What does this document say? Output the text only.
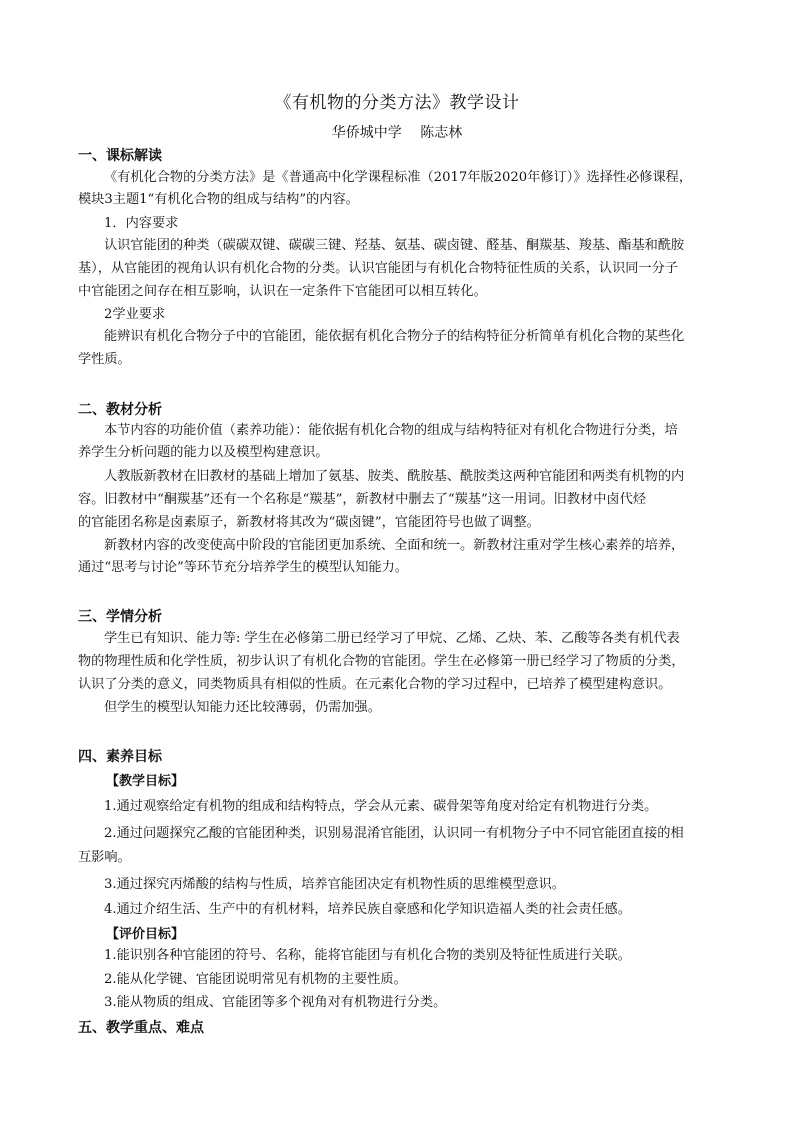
《有机物的分类方法》教学设计
华侨城中学 陈志林
一、课标解读
《有机化合物的分类方法》是《普通高中化学课程标准（2017年版2020年修订）》选择性必修课程，
模块3主题1“有机化合物的组成与结构”的内容。
1．内容要求
认识官能团的种类（碳碳双键、碳碳三键、羟基、氨基、碳卤键、醛基、酮羰基、羧基、酯基和酰胺
基），从官能团的视角认识有机化合物的分类。认识官能团与有机化合物特征性质的关系，认识同一分子
中官能团之间存在相互影响，认识在一定条件下官能团可以相互转化。
2学业要求
能辨识有机化合物分子中的官能团，能依据有机化合物分子的结构特征分析简单有机化合物的某些化
学性质。
二、教材分析
本节内容的功能价值（素养功能）：能依据有机化合物的组成与结构特征对有机化合物进行分类，培
养学生分析问题的能力以及模型构建意识。
人教版新教材在旧教材的基础上增加了氨基、胺类、酰胺基、酰胺类这两种官能团和两类有机物的内
容。旧教材中“酮羰基”还有一个名称是“羰基”，新教材中删去了“羰基”这一用词。旧教材中卤代烃
的官能团名称是卤素原子，新教材将其改为“碳卤键”，官能团符号也做了调整。
新教材内容的改变使高中阶段的官能团更加系统、全面和统一。新教材注重对学生核心素养的培养，
通过“思考与讨论”等环节充分培养学生的模型认知能力。
三、学情分析
学生已有知识、能力等: 学生在必修第二册已经学习了甲烷、乙烯、乙炔、苯、乙酸等各类有机代表
物的物理性质和化学性质，初步认识了有机化合物的官能团。学生在必修第一册已经学习了物质的分类，
认识了分类的意义，同类物质具有相似的性质。在元素化合物的学习过程中，已培养了模型建构意识。
但学生的模型认知能力还比较薄弱，仍需加强。
四、素养目标
【教学目标】
1.通过观察给定有机物的组成和结构特点，学会从元素、碳骨架等角度对给定有机物进行分类。
2.通过问题探究乙酸的官能团种类，识别易混淆官能团，认识同一有机物分子中不同官能团直接的相
互影响。
3.通过探究丙烯酸的结构与性质，培养官能团决定有机物性质的思维模型意识。
4.通过介绍生活、生产中的有机材料，培养民族自豪感和化学知识造福人类的社会责任感。
【评价目标】
1.能识别各种官能团的符号、名称，能将官能团与有机化合物的类别及特征性质进行关联。
2.能从化学键、官能团说明常见有机物的主要性质。
3.能从物质的组成、官能团等多个视角对有机物进行分类。
五、教学重点、难点
